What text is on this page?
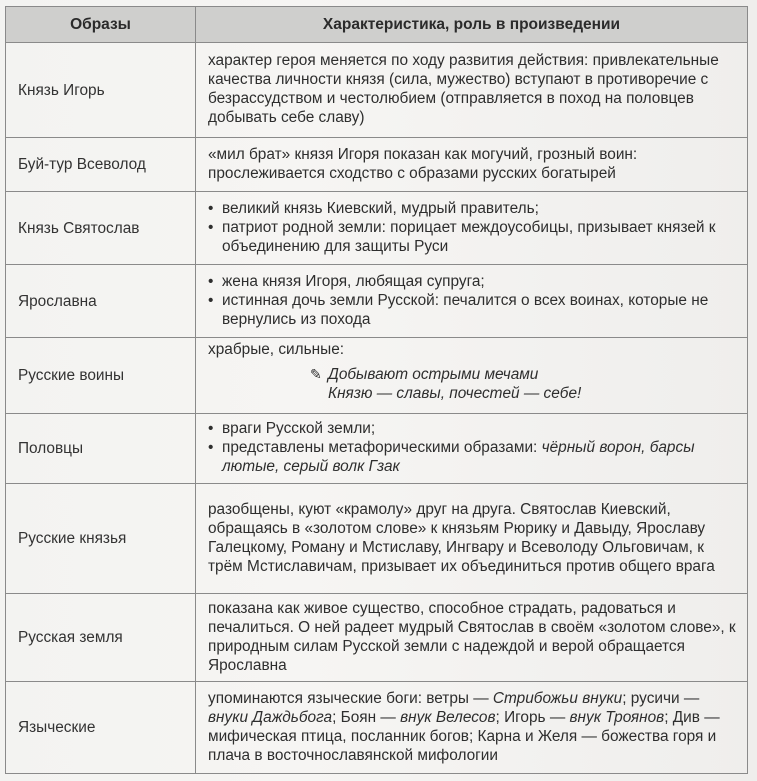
Образы	Характеристика, роль в произведении
Князь Игорь	характер героя меняется по ходу развития действия: привлекательные качества личности князя (сила, мужество) вступают в противоречие с безрассудством и честолюбием (отправляется в поход на половцев добывать себе славу)
Буй-тур Всеволод	«мил брат» князя Игоря показан как могучий, грозный воин: прослеживается сходство с образами русских богатырей
Князь Святослав	• великий князь Киевский, мудрый правитель;
• патриот родной земли: порицает междоусобицы, призывает князей к объединению для защиты Руси

Ярославна	• жена князя Игоря, любящая супруга;
• истинная дочь земли Русской: печалится о всех воинах, которые не вернулись из похода

Русские воины	храбрые, сильные:
✎ Добывают острыми мечами
Князю — славы, почестей — себе!

Половцы	• враги Русской земли;
• представлены метафорическими образами: чёрный ворон, барсы лютые, серый волк Гзак

Русские князья	разобщены, куют «крамолу» друг на друга. Святослав Киевский, обращаясь в «золотом слове» к князьям Рюрику и Давыду, Ярославу Галецкому, Роману и Мстиславу, Ингвару и Всеволоду Ольговичам, к трём Мстиславичам, призывает их объединиться против общего врага
Русская земля	показана как живое существо, способное страдать, радоваться и печалиться. О ней радеет мудрый Святослав в своём «золотом слове», к природным силам Русской земли с надеждой и верой обращается Ярославна
Языческие	упоминаются языческие боги: ветры — Стрибожьи внуки; русичи — внуки Даждьбога; Боян — внук Велесов; Игорь — внук Троянов; Див — мифическая птица, посланник богов; Карна и Желя — божества горя и плача в восточнославянской мифологии
